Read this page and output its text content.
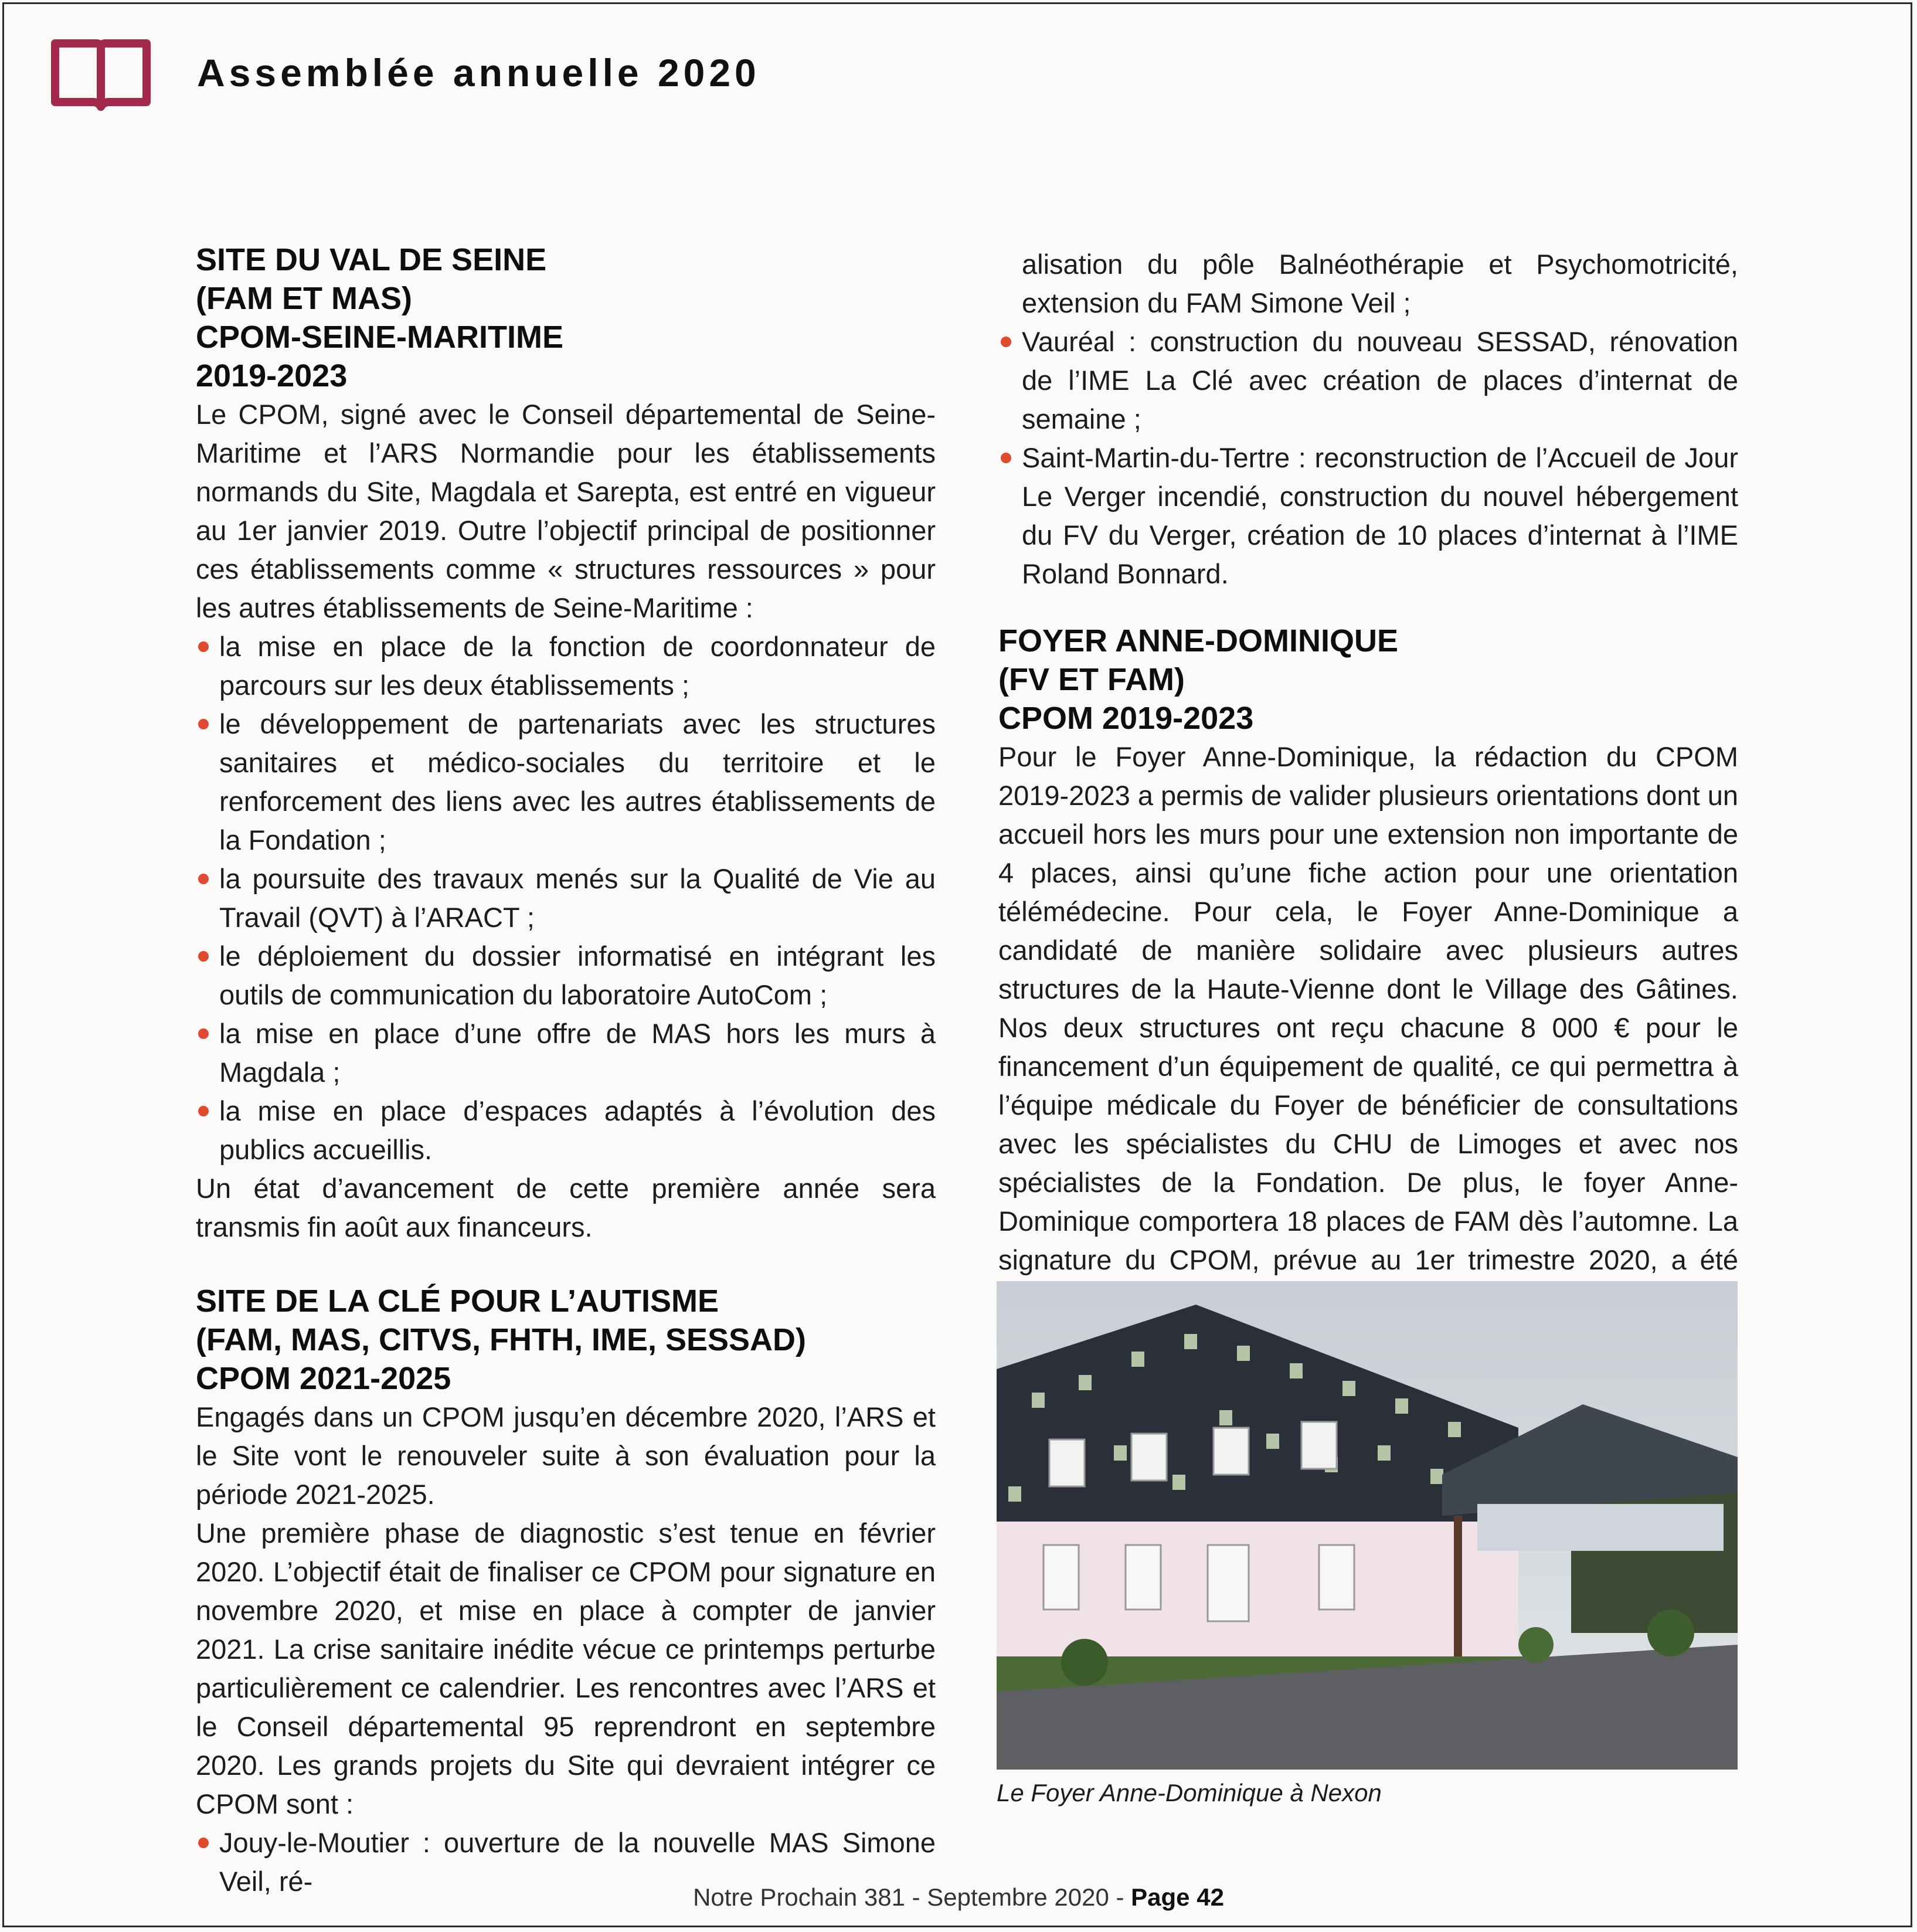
Assemblée annuelle 2020
SITE DU VAL DE SEINE
(FAM ET MAS)
CPOM-SEINE-MARITIME
2019-2023

Le CPOM, signé avec le Conseil départemental de Seine-Maritime et l’ARS Normandie pour les établissements normands du Site, Magdala et Sarepta, est entré en vigueur au 1er janvier 2019. Outre l’objectif principal de positionner ces établissements comme « structures ressources » pour les autres établissements de Seine-Maritime :

la mise en place de la fonction de coordonnateur de parcours sur les deux établissements ;
le développement de partenariats avec les structures sanitaires et médico-sociales du territoire et le renforcement des liens avec les autres établissements de la Fondation ;
la poursuite des travaux menés sur la Qualité de Vie au Travail (QVT) à l’ARACT ;
le déploiement du dossier informatisé en intégrant les outils de communication du laboratoire AutoCom ;
la mise en place d’une offre de MAS hors les murs à Magdala ;
la mise en place d’espaces adaptés à l’évolution des publics accueillis.

Un état d’avancement de cette première année sera transmis fin août aux financeurs.

SITE DE LA CLÉ POUR L’AUTISME
(FAM, MAS, CITVS, FHTH, IME, SESSAD)
CPOM 2021-2025

Engagés dans un CPOM jusqu’en décembre 2020, l’ARS et le Site vont le renouveler suite à son évaluation pour la période 2021-2025.

Une première phase de diagnostic s’est tenue en février 2020. L’objectif était de finaliser ce CPOM pour signature en novembre 2020, et mise en place à compter de janvier 2021. La crise sanitaire inédite vécue ce printemps perturbe particulièrement ce calendrier. Les rencontres avec l’ARS et le Conseil départemental 95 reprendront en septembre 2020. Les grands projets du Site qui devraient intégrer ce CPOM sont :

Jouy-le-Moutier : ouverture de la nouvelle MAS Simone Veil, ré-
alisation du pôle Balnéothérapie et Psychomotricité, extension du FAM Simone Veil ;
Vauréal : construction du nouveau SESSAD, rénovation de l’IME La Clé avec création de places d’internat de semaine ;
Saint-Martin-du-Tertre : reconstruction de l’Accueil de Jour Le Verger incendié, construction du nouvel hébergement du FV du Verger, création de 10 places d’internat à l’IME Roland Bonnard.
FOYER ANNE-DOMINIQUE
(FV ET FAM)
CPOM 2019-2023

Pour le Foyer Anne-Dominique, la rédaction du CPOM 2019-2023 a permis de valider plusieurs orientations dont un accueil hors les murs pour une extension non importante de 4 places, ainsi qu’une fiche action pour une orientation télémédecine. Pour cela, le Foyer Anne-Dominique a candidaté de manière solidaire avec plusieurs autres structures de la Haute-Vienne dont le Village des Gâtines. Nos deux structures ont reçu chacune 8 000 € pour le financement d’un équipement de qualité, ce qui permettra à l’équipe médicale du Foyer de bénéficier de consultations avec les spécialistes du CHU de Limoges et avec nos spécialistes de la Fondation. De plus, le foyer Anne-Dominique comportera 18 places de FAM dès l’automne. La signature du CPOM, prévue au 1er trimestre 2020, a été

Le Foyer Anne-Dominique à Nexon
Notre Prochain 381 - Septembre 2020 - Page 42
